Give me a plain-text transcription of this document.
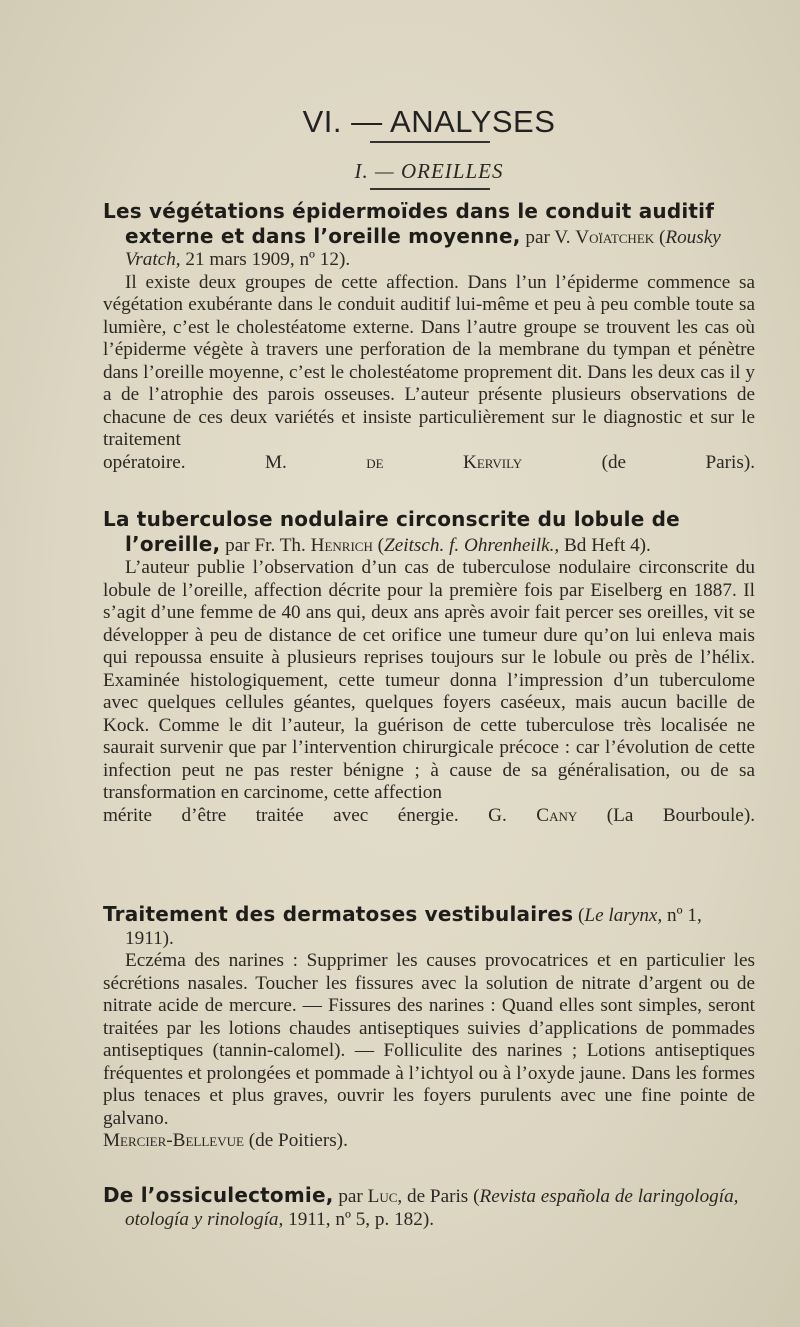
VI. — ANALYSES
I. — OREILLES
Les végétations épidermoïdes dans le conduit auditif externe et dans l’oreille moyenne, par V. Voïatchek (Rousky Vratch, 21 mars 1909, nº 12).

Il existe deux groupes de cette affection. Dans l’un l’épiderme commence sa végétation exubérante dans le conduit auditif lui-même et peu à peu comble toute sa lumière, c’est le cholestéatome externe. Dans l’autre groupe se trouvent les cas où l’épiderme végète à travers une perforation de la membrane du tympan et pénètre dans l’oreille moyenne, c’est le cholestéatome proprement dit. Dans les deux cas il y a de l’atrophie des parois osseuses. L’auteur présente plusieurs observations de chacune de ces deux variétés et insiste particulièrement sur le diagnostic et sur le traitement

opératoire.	M.	de Kervily	(de Paris).

La tuberculose nodulaire circonscrite du lobule de l’oreille, par Fr. Th. Henrich (Zeitsch. f. Ohrenheilk., Bd Heft 4).

L’auteur publie l’observation d’un cas de tuberculose nodulaire circonscrite du lobule de l’oreille, affection décrite pour la première fois par Eiselberg en 1887. Il s’agit d’une femme de 40 ans qui, deux ans après avoir fait percer ses oreilles, vit se développer à peu de distance de cet orifice une tumeur dure qu’on lui enleva mais qui repoussa ensuite à plusieurs reprises toujours sur le lobule ou près de l’hélix. Examinée histologiquement, cette tumeur donna l’impression d’un tuberculome avec quelques cellules géantes, quelques foyers caséeux, mais aucun bacille de Kock. Comme le dit l’auteur, la guérison de cette tuberculose très localisée ne saurait survenir que par l’intervention chirurgicale précoce : car l’évolution de cette infection peut ne pas rester bénigne ; à cause de sa généralisation, ou de sa transformation en carcinome, cette affection

mérite d’être traitée avec énergie. G. Cany (La Bourboule).

Traitement des dermatoses vestibulaires (Le larynx, nº 1, 1911).

Eczéma des narines : Supprimer les causes provocatrices et en particulier les sécrétions nasales. Toucher les fissures avec la solution de nitrate d’argent ou de nitrate acide de mercure. — Fissures des narines : Quand elles sont simples, seront traitées par les lotions chaudes antiseptiques suivies d’applications de pommades antiseptiques (tannin-calomel). — Folliculite des narines ; Lotions antiseptiques fréquentes et prolongées et pommade à l’ichtyol ou à l’oxyde jaune. Dans les formes plus tenaces et plus graves, ouvrir les foyers purulents avec une fine pointe de galvano.

Mercier-Bellevue (de Poitiers).

De l’ossiculectomie, par Luc, de Paris (Revista española de laringología, otología y rinología, 1911, nº 5, p. 182).
